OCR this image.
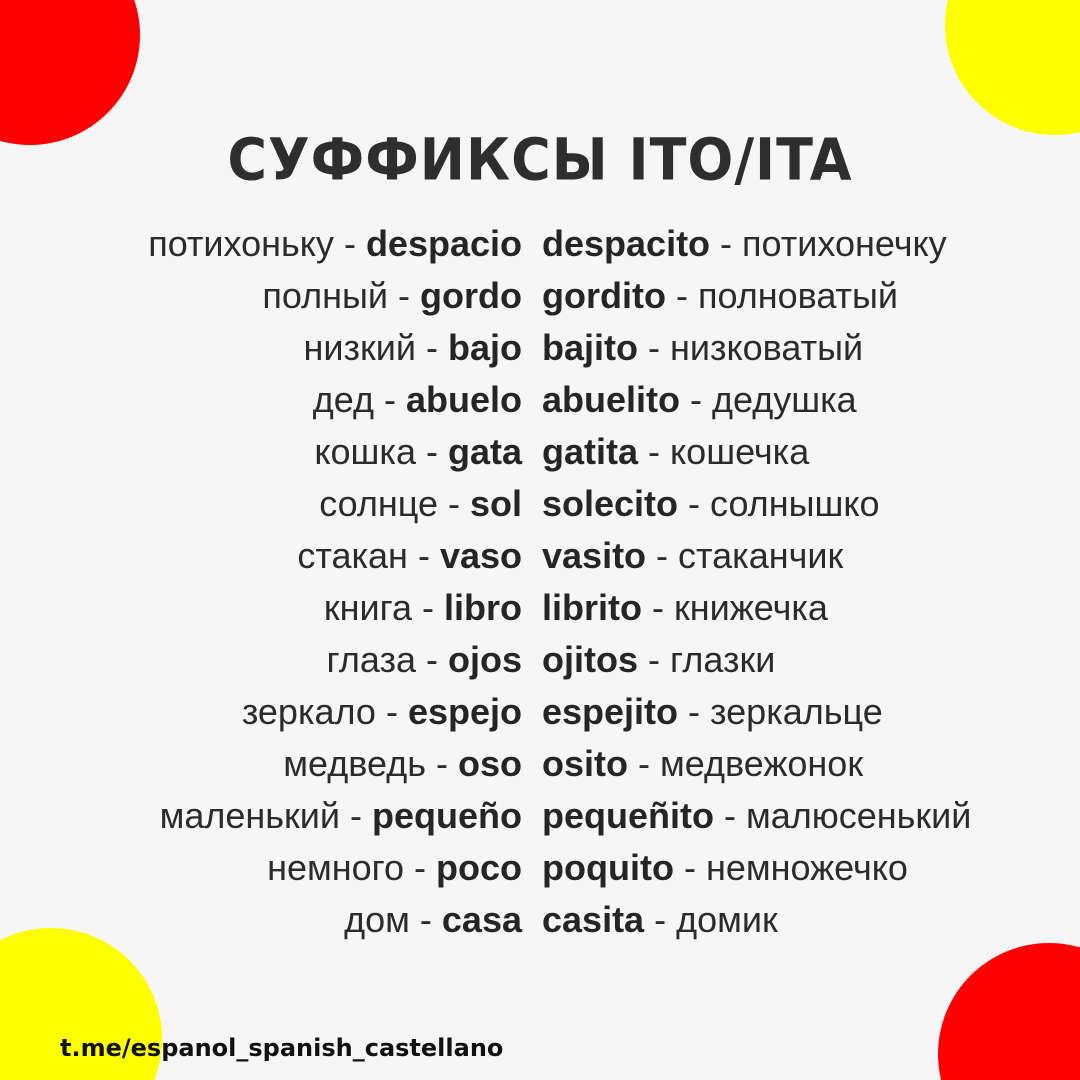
СУФФИКСЫ ITO/ITA
потихоньку - despacio despacito - потихонечку
полный - gordo gordito - полноватый
низкий - bajo bajito - низковатый
дед - abuelo abuelito - дедушка
кошка - gata gatita - кошечка
солнце - sol solecito - солнышко
стакан - vaso vasito - стаканчик
книга - libro librito - книжечка
глаза - ojos ojitos - глазки
зеркало - espejo espejito - зеркальце
медведь - oso osito - медвежонок
маленький - pequeño pequeñito - малюсенький
немного - poco poquito - немножечко
дом - casa casita - домик
t.me/espanol_spanish_castellano
